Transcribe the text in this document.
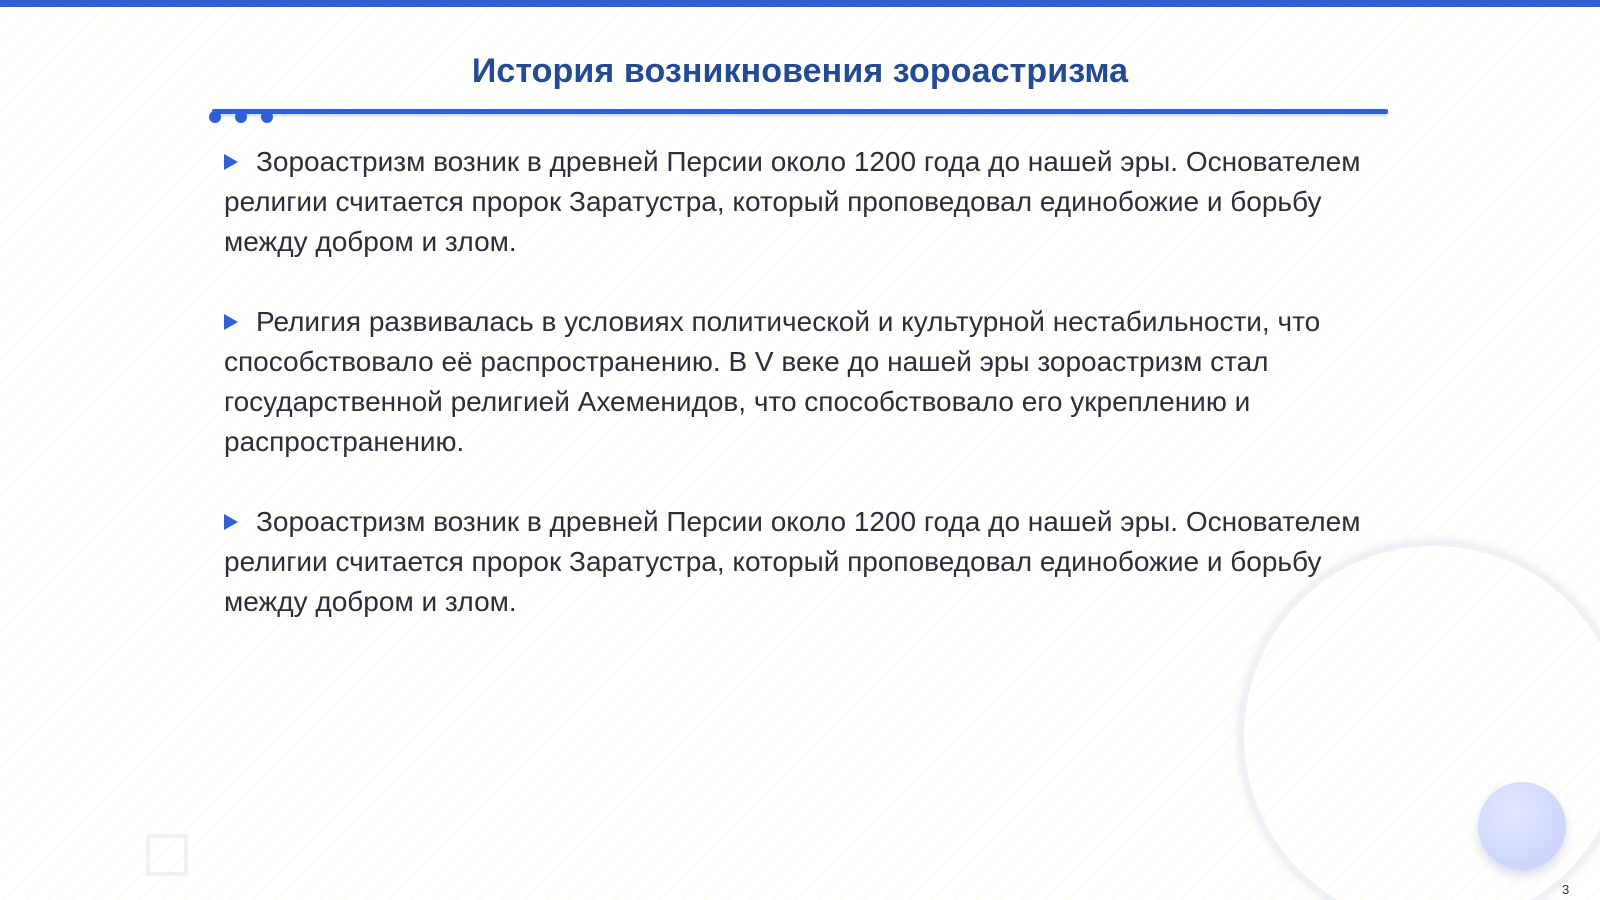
История возникновения зороастризма

Зороастризм возник в древней Персии около 1200 года до нашей эры. Основателем религии считается пророк Заратустра, который проповедовал единобожие и борьбу между добром и злом.

Религия развивалась в условиях политической и культурной нестабильности, что способствовало её распространению. В V веке до нашей эры зороастризм стал государственной религией Ахеменидов, что способствовало его укреплению и распространению.

Зороастризм возник в древней Персии около 1200 года до нашей эры. Основателем религии считается пророк Заратустра, который проповедовал единобожие и борьбу между добром и злом.

3
